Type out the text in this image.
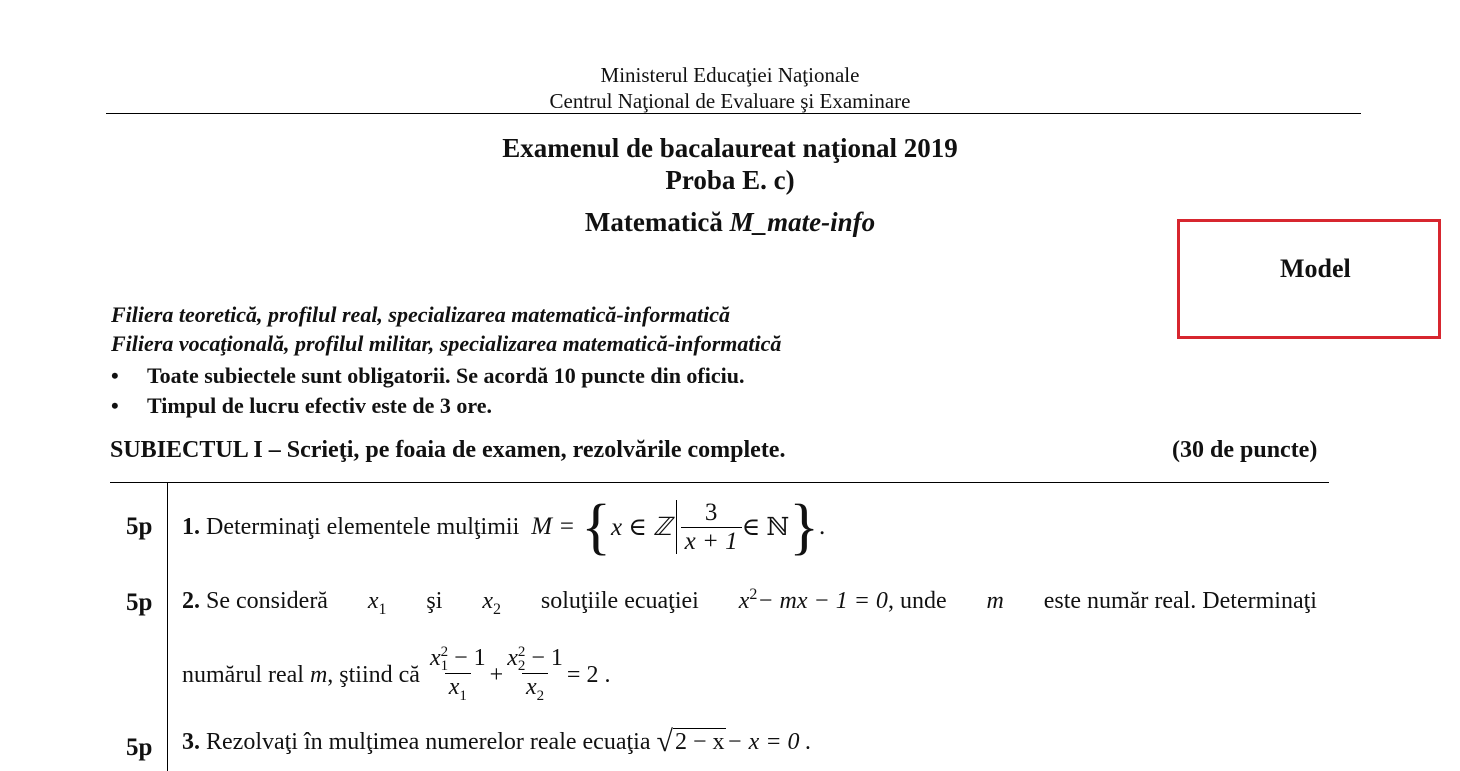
Ministerul Educaţiei Naţionale
Centrul Naţional de Evaluare şi Examinare
Examenul de bacalaureat naţional 2019
Proba E. c)
Matematică M_mate-info
Model
Filiera teoretică, profilul real, specializarea matematică-informatică
Filiera vocaţională, profilul militar, specializarea matematică-informatică
•	Toate subiectele sunt obligatorii. Se acordă 10 puncte din oficiu.
•	Timpul de lucru efectiv este de 3 ore.
SUBIECTUL I – Scrieţi, pe foaia de examen, rezolvările complete.	(30 de puncte)
5p 1.
Determinaţi elementele mulţimii
M =
{ x ∈ ℤ $\frac{3}{x + 1}$ ∈ ℕ } .
5p 2. Se consideră $x_1$ şi $x_2$ soluţiile ecuaţiei $x^2-$ mx − 1 = 0, unde m este număr real. Determinaţi
numărul real
m , ştiind că
x 2
1 − 1
$x_1 + x$ 2
2 − 1
$x_2 = 2$ .
5p 3.
Rezolvaţi în mulţimea numerelor reale ecuaţia
√ 2 − x − x = 0 .
